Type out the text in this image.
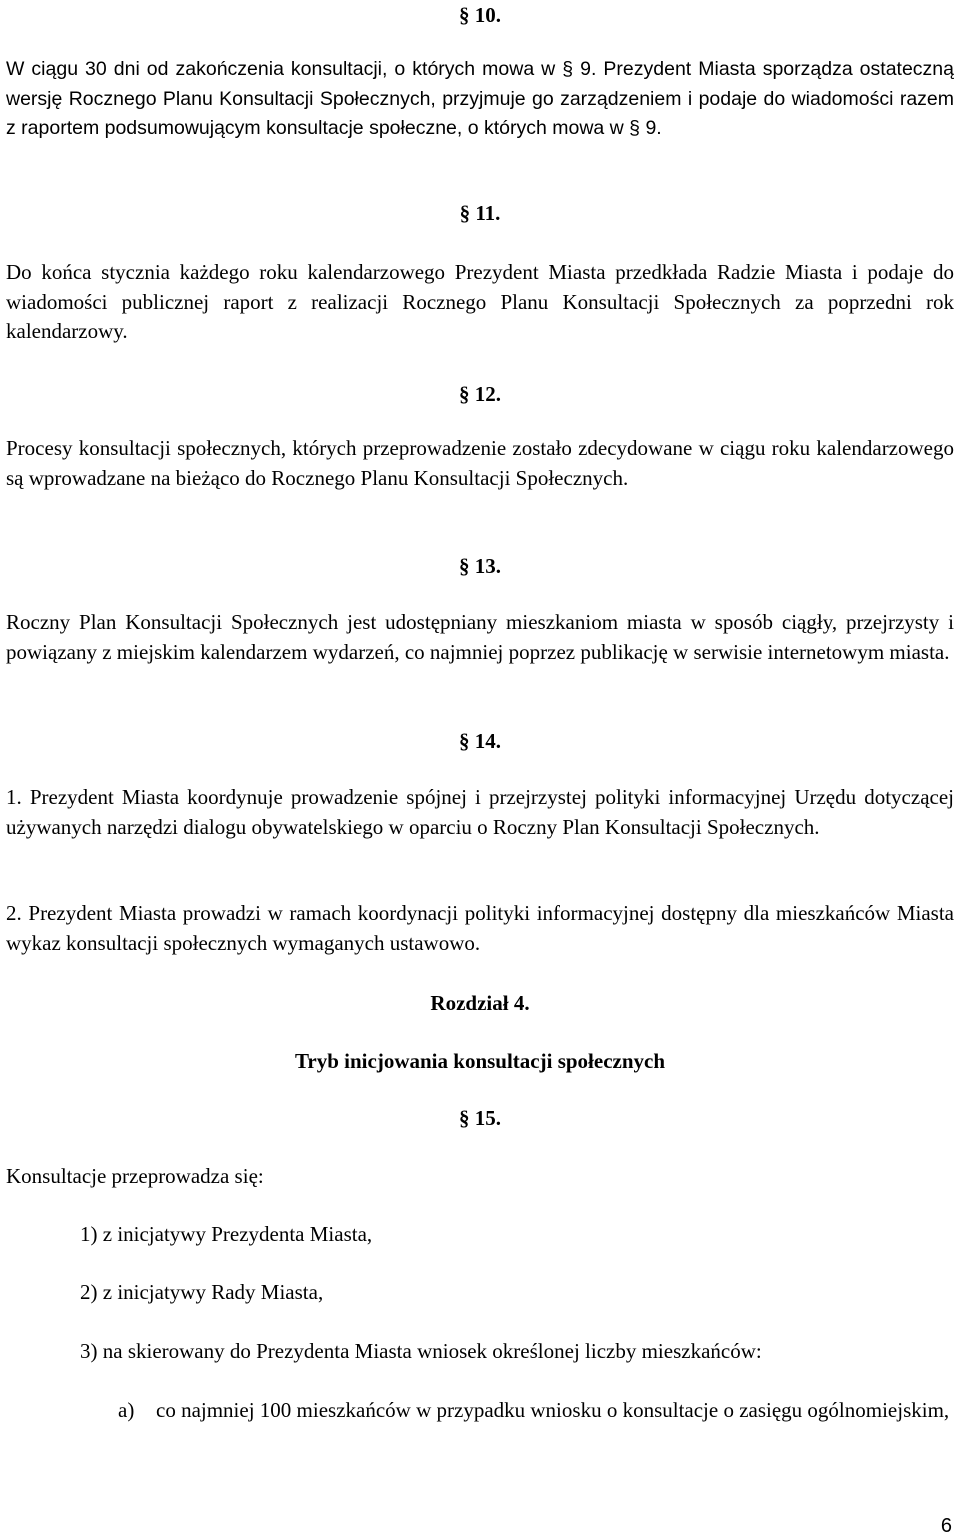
§ 10.
W ciągu 30 dni od zakończenia konsultacji, o których mowa w § 9. Prezydent Miasta sporządza ostateczną wersję Rocznego Planu Konsultacji Społecznych, przyjmuje go zarządzeniem i podaje do wiadomości razem z raportem podsumowującym konsultacje społeczne, o których mowa w § 9.
§ 11.
Do końca stycznia każdego roku kalendarzowego Prezydent Miasta przedkłada Radzie Miasta i podaje do wiadomości publicznej raport z realizacji Rocznego Planu Konsultacji Społecznych za poprzedni rok kalendarzowy.
§ 12.
Procesy konsultacji społecznych, których przeprowadzenie zostało zdecydowane w ciągu roku kalendarzowego są wprowadzane na bieżąco do Rocznego Planu Konsultacji Społecznych.
§ 13.
Roczny Plan Konsultacji Społecznych jest udostępniany mieszkaniom miasta w sposób ciągły, przejrzysty i powiązany z miejskim kalendarzem wydarzeń, co najmniej poprzez publikację w serwisie internetowym miasta.
§ 14.
1. Prezydent Miasta koordynuje prowadzenie spójnej i przejrzystej polityki informacyjnej Urzędu dotyczącej używanych narzędzi dialogu obywatelskiego w oparciu o Roczny Plan Konsultacji Społecznych.
2. Prezydent Miasta prowadzi w ramach koordynacji polityki informacyjnej dostępny dla mieszkańców Miasta wykaz konsultacji społecznych wymaganych ustawowo.
Rozdział 4.
Tryb inicjowania konsultacji społecznych
§ 15.
Konsultacje przeprowadza się:
1) z inicjatywy Prezydenta Miasta,
2) z inicjatywy Rady Miasta,
3) na skierowany do Prezydenta Miasta wniosek określonej liczby mieszkańców:
a) co najmniej 100 mieszkańców w przypadku wniosku o konsultacje o zasięgu ogólnomiejskim,
6
